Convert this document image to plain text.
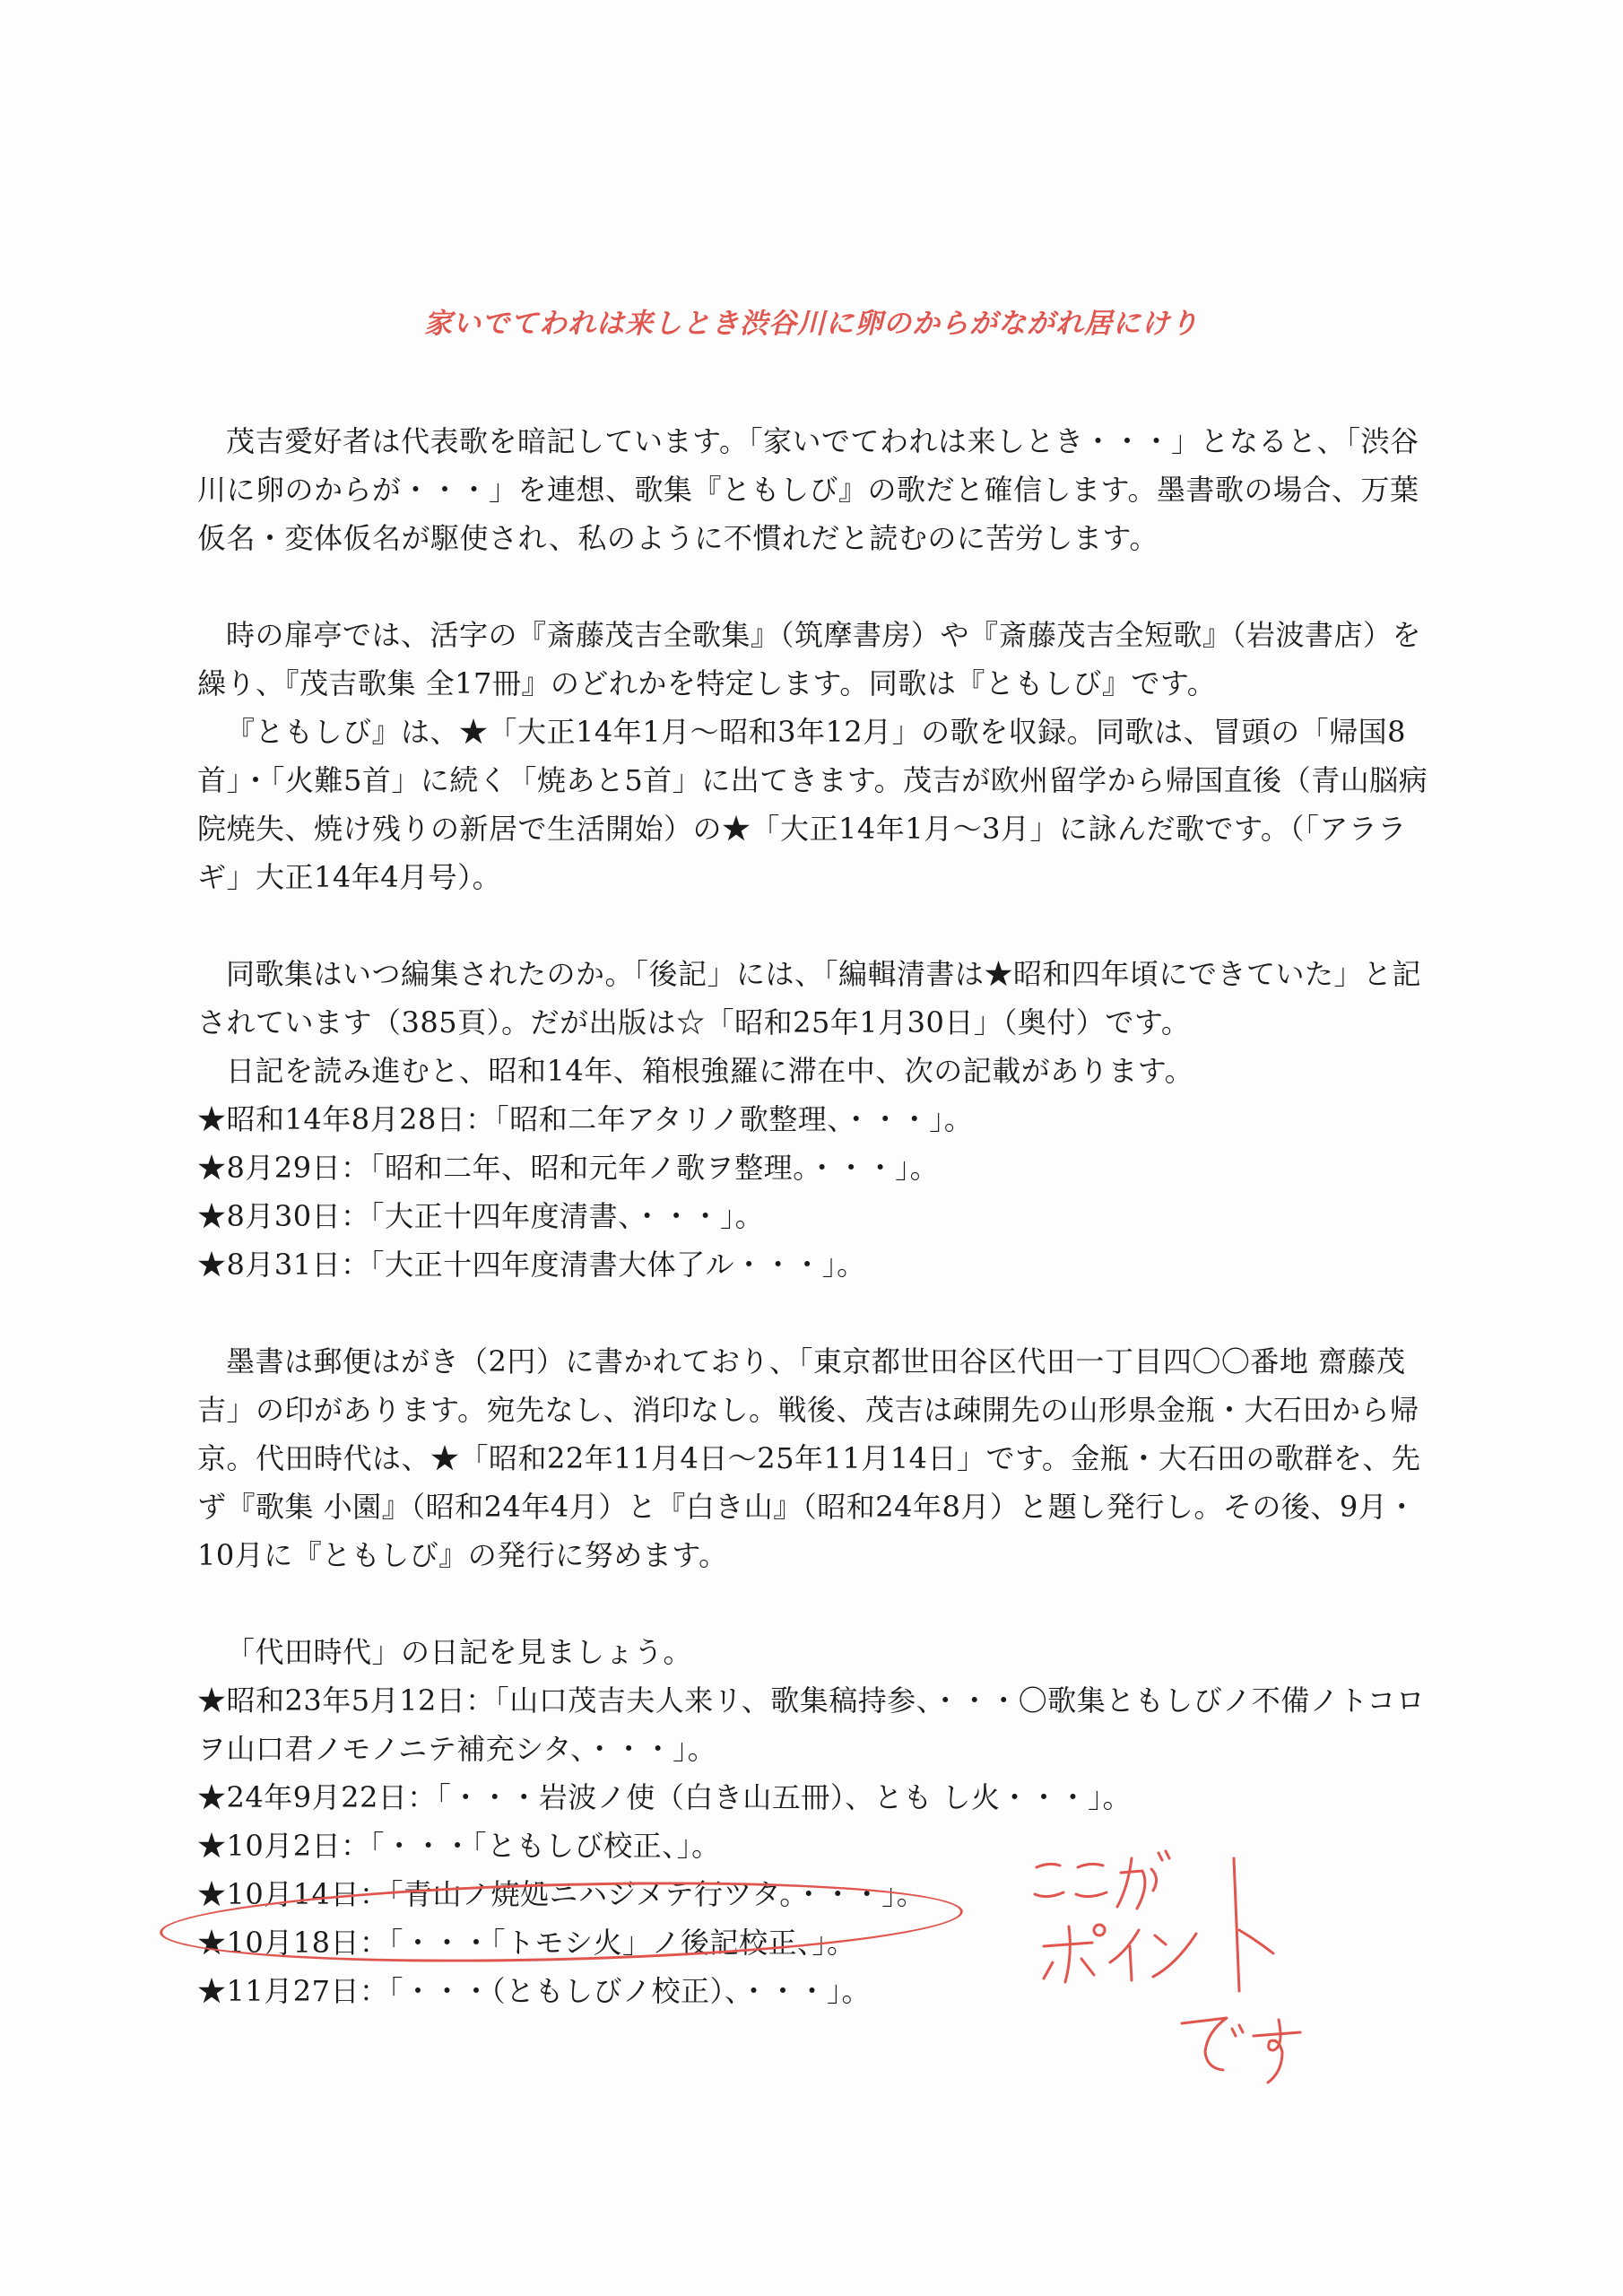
家いでてわれは来しとき渋谷川に卵のからがながれ居にけり

茂吉愛好者は代表歌を暗記しています。「家いでてわれは来しとき・・・」となると、「渋谷川に卵のからが・・・」を連想、歌集『ともしび』の歌だと確信します。墨書歌の場合、万葉仮名・変体仮名が駆使され、私のように不慣れだと読むのに苦労します。

時の扉亭では、活字の『斎藤茂吉全歌集』（筑摩書房）や『斎藤茂吉全短歌』（岩波書店）を繰り、『茂吉歌集 全17冊』のどれかを特定します。同歌は『ともしび』です。

『ともしび』は、★「大正14年1月～昭和3年12月」の歌を収録。同歌は、冒頭の「帰国8首」・「火難5首」に続く「焼あと5首」に出てきます。茂吉が欧州留学から帰国直後（青山脳病院焼失、焼け残りの新居で生活開始）の★「大正14年1月～3月」に詠んだ歌です。（「アララギ」大正14年4月号）。

同歌集はいつ編集されたのか。「後記」には、「編輯清書は★昭和四年頃にできていた」と記されています（385頁）。だが出版は☆「昭和25年1月30日」（奥付）です。

日記を読み進むと、昭和14年、箱根強羅に滞在中、次の記載があります。

★昭和14年8月28日：「昭和二年アタリノ歌整理、・・・」。

★8月29日：「昭和二年、昭和元年ノ歌ヲ整理。・・・」。

★8月30日：「大正十四年度清書、・・・」。

★8月31日：「大正十四年度清書大体了ル・・・」。

墨書は郵便はがき（2円）に書かれており、「東京都世田谷区代田一丁目四〇〇番地 齋藤茂吉」の印があります。宛先なし、消印なし。戦後、茂吉は疎開先の山形県金瓶・大石田から帰京。代田時代は、★「昭和22年11月4日～25年11月14日」です。金瓶・大石田の歌群を、先ず『歌集 小園』（昭和24年4月）と『白き山』（昭和24年8月）と題し発行し。その後、9月・10月に『ともしび』の発行に努めます。

「代田時代」の日記を見ましょう。

★昭和23年5月12日：「山口茂吉夫人来リ、歌集稿持参、・・・〇歌集ともしびノ不備ノトコロヲ山口君ノモノニテ補充シタ、・・・」。

★24年9月22日：「・・・岩波ノ使（白き山五冊）、とも し火・・・」。

★10月2日：「・・・「ともしび校正、」。

★10月14日：「青山ノ焼処ニハジメテ行ツタ。・・・」。

★10月18日：「・・・「トモシ火」ノ後記校正、」。

★11月27日：「・・・（ともしびノ校正）、・・・」。
